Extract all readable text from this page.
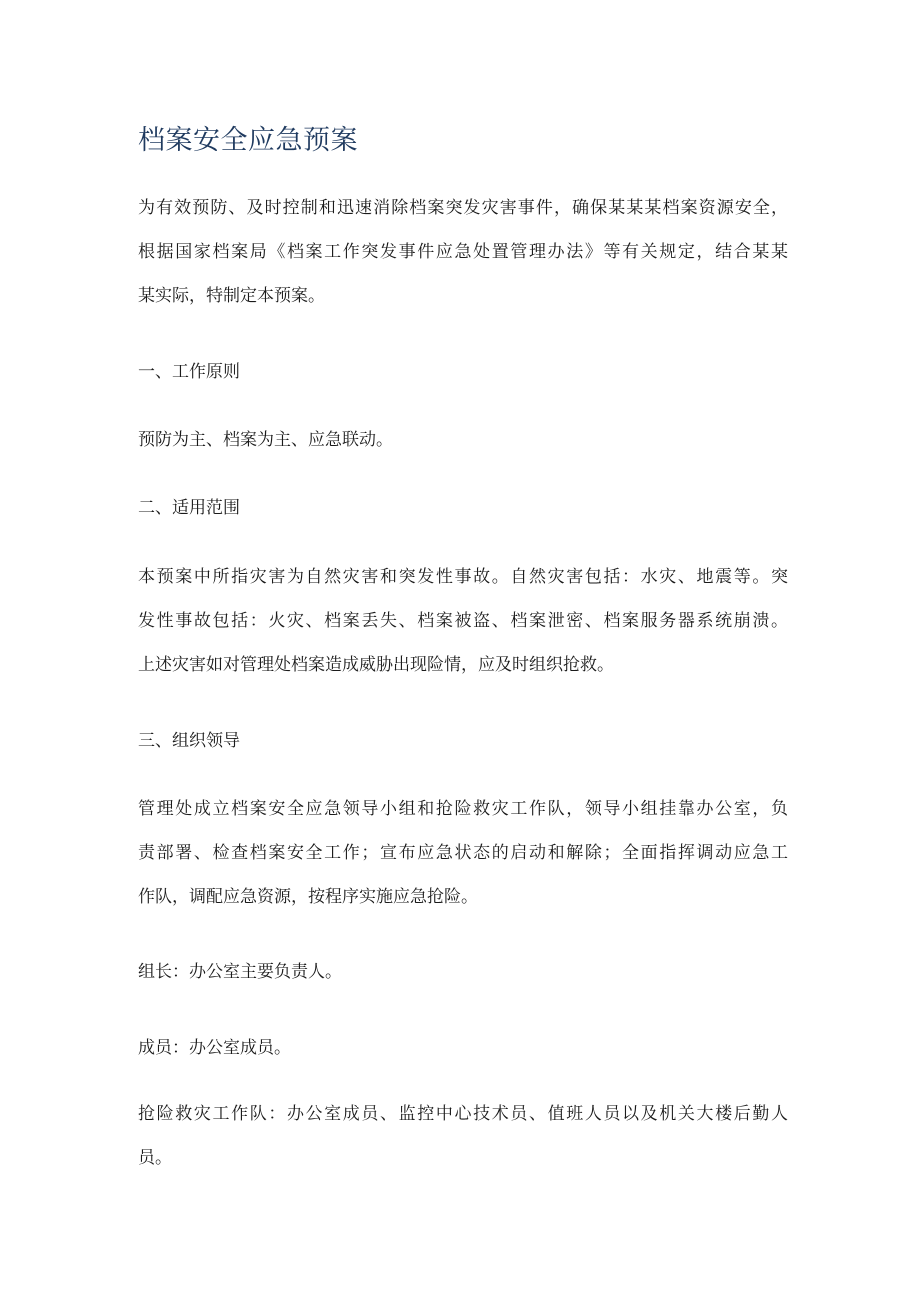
档案安全应急预案
为有效预防、及时控制和迅速消除档案突发灾害事件，确保某某某档案资源安全，
根据国家档案局《档案工作突发事件应急处置管理办法》等有关规定，结合某某
某实际，特制定本预案。
一、工作原则
预防为主、档案为主、应急联动。
二、适用范围
本预案中所指灾害为自然灾害和突发性事故。自然灾害包括：水灾、地震等。突
发性事故包括：火灾、档案丢失、档案被盗、档案泄密、档案服务器系统崩溃。
上述灾害如对管理处档案造成威胁出现险情，应及时组织抢救。
三、组织领导
管理处成立档案安全应急领导小组和抢险救灾工作队，领导小组挂靠办公室，负
责部署、检查档案安全工作；宣布应急状态的启动和解除；全面指挥调动应急工
作队，调配应急资源，按程序实施应急抢险。
组长：办公室主要负责人。
成员：办公室成员。
抢险救灾工作队：办公室成员、监控中心技术员、值班人员以及机关大楼后勤人
员。
